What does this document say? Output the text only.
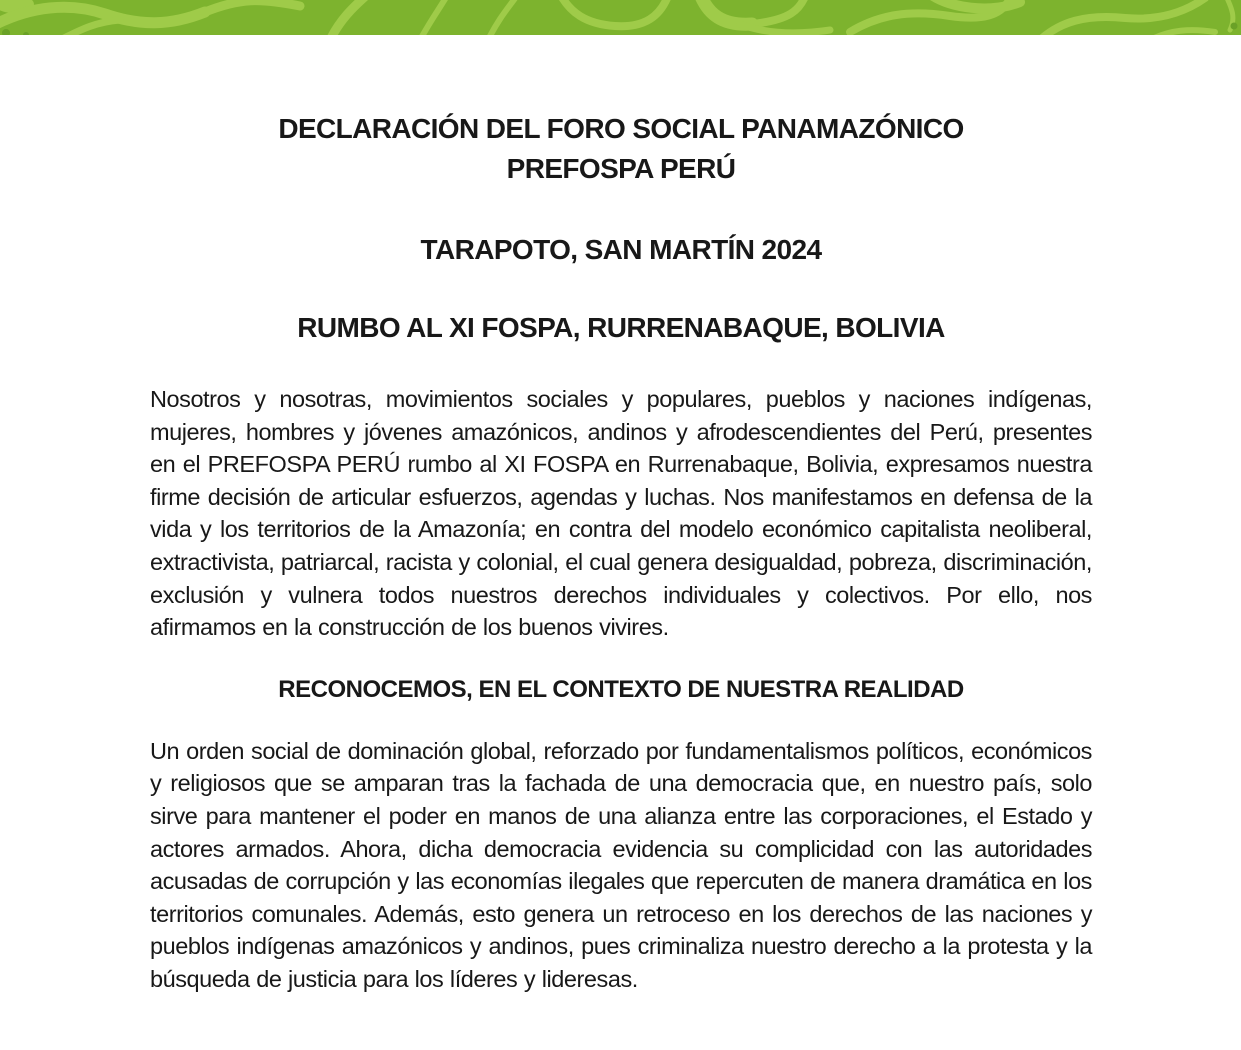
DECLARACIÓN DEL FORO SOCIAL PANAMAZÓNICO
PREFOSPA PERÚ
TARAPOTO, SAN MARTÍN 2024
RUMBO AL XI FOSPA, RURRENABAQUE, BOLIVIA

Nosotros y nosotras, movimientos sociales y populares, pueblos y naciones indígenas, mujeres, hombres y jóvenes amazónicos, andinos y afrodescendientes del Perú, presentes en el PREFOSPA PERÚ rumbo al XI FOSPA en Rurrenabaque, Bolivia, expresamos nuestra firme decisión de articular esfuerzos, agendas y luchas. Nos manifestamos en defensa de la vida y los territorios de la Amazonía; en contra del modelo económico capitalista neoliberal, extractivista, patriarcal, racista y colonial, el cual genera desigualdad, pobreza, discriminación, exclusión y vulnera todos nuestros derechos individuales y colectivos. Por ello, nos afirmamos en la construcción de los buenos vivires.

RECONOCEMOS, EN EL CONTEXTO DE NUESTRA REALIDAD

Un orden social de dominación global, reforzado por fundamentalismos políticos, económicos y religiosos que se amparan tras la fachada de una democracia que, en nuestro país, solo sirve para mantener el poder en manos de una alianza entre las corporaciones, el Estado y actores armados. Ahora, dicha democracia evidencia su complicidad con las autoridades acusadas de corrupción y las economías ilegales que repercuten de manera dramática en los territorios comunales. Además, esto genera un retroceso en los derechos de las naciones y pueblos indígenas amazónicos y andinos, pues criminaliza nuestro derecho a la protesta y la búsqueda de justicia para los líderes y lideresas.
